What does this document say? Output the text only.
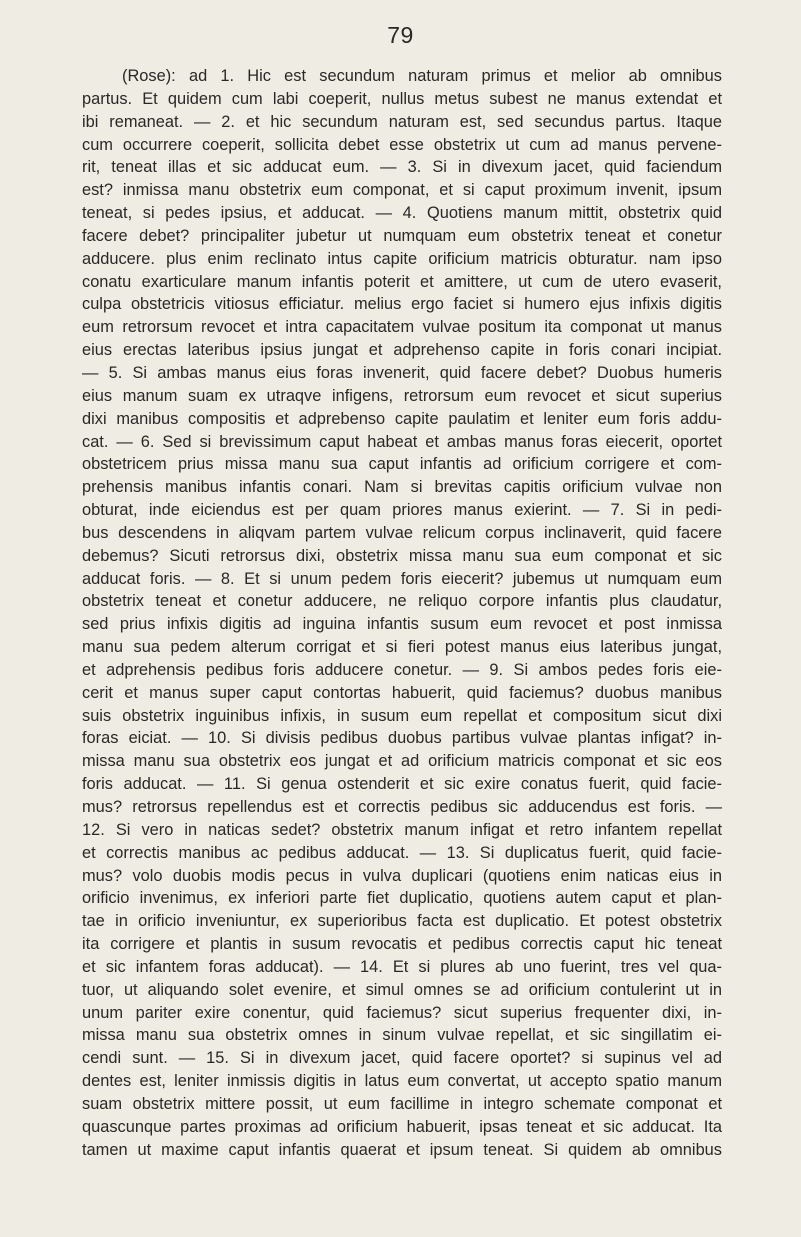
79
(Rose): ad 1. Hic est secundum naturam primus et melior ab omnibus
partus. Et quidem cum labi coeperit, nullus metus subest ne manus extendat et
ibi remaneat. — 2. et hic secundum naturam est, sed secundus partus. Itaque
cum occurrere coeperit, sollicita debet esse obstetrix ut cum ad manus pervene-
rit, teneat illas et sic adducat eum. — 3. Si in divexum jacet, quid faciendum
est? inmissa manu obstetrix eum componat, et si caput proximum invenit, ipsum
teneat, si pedes ipsius, et adducat. — 4. Quotiens manum mittit, obstetrix quid
facere debet? principaliter jubetur ut numquam eum obstetrix teneat et conetur
adducere. plus enim reclinato intus capite orificium matricis obturatur. nam ipso
conatu exarticulare manum infantis poterit et amittere, ut cum de utero evaserit,
culpa obstetricis vitiosus efficiatur. melius ergo faciet si humero ejus infixis digitis
eum retrorsum revocet et intra capacitatem vulvae positum ita componat ut manus
eius erectas lateribus ipsius jungat et adprehenso capite in foris conari incipiat.
— 5. Si ambas manus eius foras invenerit, quid facere debet? Duobus humeris
eius manum suam ex utraqve infigens, retrorsum eum revocet et sicut superius
dixi manibus compositis et adprebenso capite paulatim et leniter eum foris addu-
cat. — 6. Sed si brevissimum caput habeat et ambas manus foras eiecerit, oportet
obstetricem prius missa manu sua caput infantis ad orificium corrigere et com-
prehensis manibus infantis conari. Nam si brevitas capitis orificium vulvae non
obturat, inde eiciendus est per quam priores manus exierint. — 7. Si in pedi-
bus descendens in aliqvam partem vulvae relicum corpus inclinaverit, quid facere
debemus? Sicuti retrorsus dixi, obstetrix missa manu sua eum componat et sic
adducat foris. — 8. Et si unum pedem foris eiecerit? jubemus ut numquam eum
obstetrix teneat et conetur adducere, ne reliquo corpore infantis plus claudatur,
sed prius infixis digitis ad inguina infantis susum eum revocet et post inmissa
manu sua pedem alterum corrigat et si fieri potest manus eius lateribus jungat,
et adprehensis pedibus foris adducere conetur. — 9. Si ambos pedes foris eie-
cerit et manus super caput contortas habuerit, quid faciemus? duobus manibus
suis obstetrix inguinibus infixis, in susum eum repellat et compositum sicut dixi
foras eiciat. — 10. Si divisis pedibus duobus partibus vulvae plantas infigat? in-
missa manu sua obstetrix eos jungat et ad orificium matricis componat et sic eos
foris adducat. — 11. Si genua ostenderit et sic exire conatus fuerit, quid facie-
mus? retrorsus repellendus est et correctis pedibus sic adducendus est foris. —
12. Si vero in naticas sedet? obstetrix manum infigat et retro infantem repellat
et correctis manibus ac pedibus adducat. — 13. Si duplicatus fuerit, quid facie-
mus? volo duobis modis pecus in vulva duplicari (quotiens enim naticas eius in
orificio invenimus, ex inferiori parte fiet duplicatio, quotiens autem caput et plan-
tae in orificio inveniuntur, ex superioribus facta est duplicatio. Et potest obstetrix
ita corrigere et plantis in susum revocatis et pedibus correctis caput hic teneat
et sic infantem foras adducat). — 14. Et si plures ab uno fuerint, tres vel qua-
tuor, ut aliquando solet evenire, et simul omnes se ad orificium contulerint ut in
unum pariter exire conentur, quid faciemus? sicut superius frequenter dixi, in-
missa manu sua obstetrix omnes in sinum vulvae repellat, et sic singillatim ei-
cendi sunt. — 15. Si in divexum jacet, quid facere oportet? si supinus vel ad
dentes est, leniter inmissis digitis in latus eum convertat, ut accepto spatio manum
suam obstetrix mittere possit, ut eum facillime in integro schemate componat et
quascunque partes proximas ad orificium habuerit, ipsas teneat et sic adducat. Ita
tamen ut maxime caput infantis quaerat et ipsum teneat. Si quidem ab omnibus
